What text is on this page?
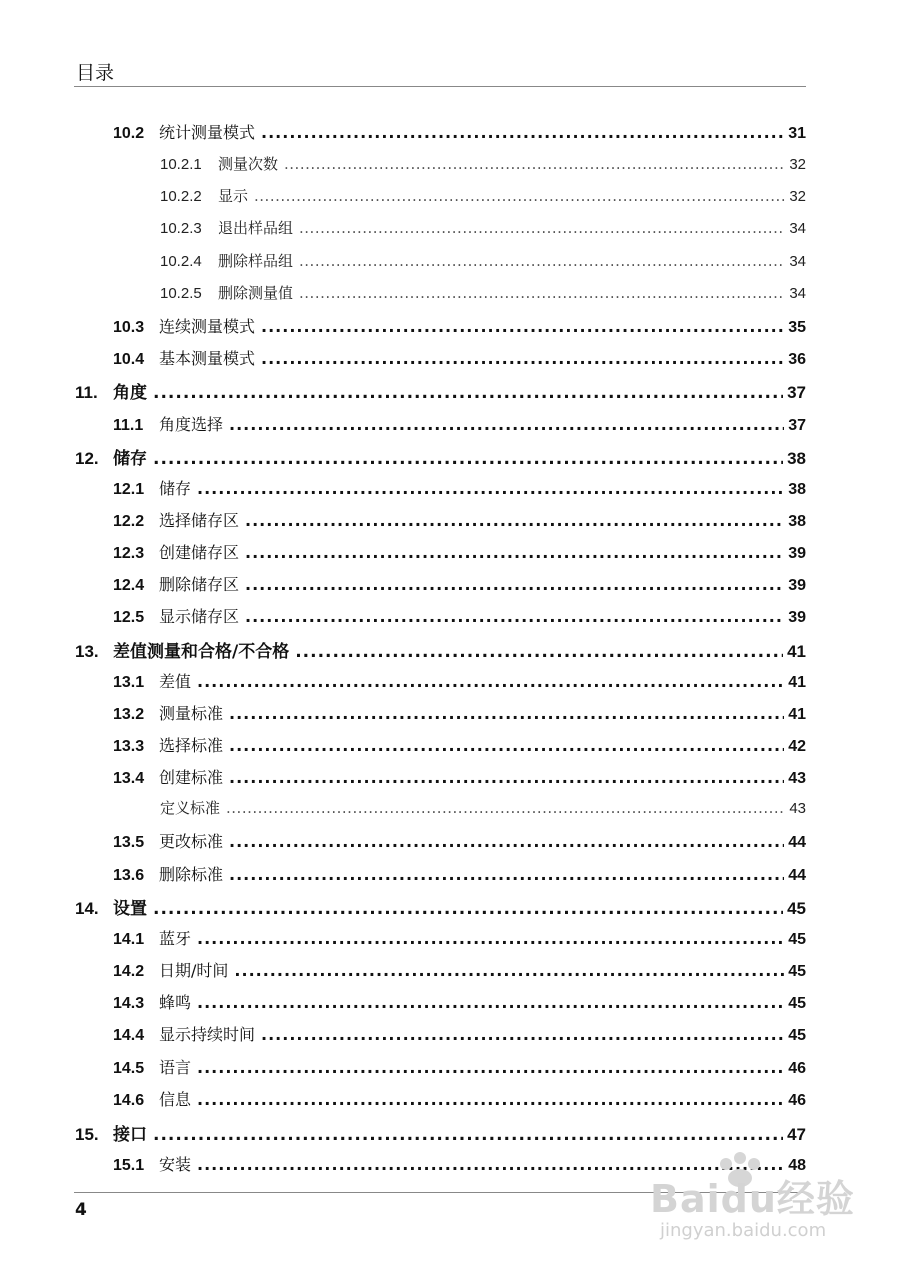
目录
10.2 统计测量模式 .....	31
10.2.1	测量次数 .....	32
10.2.2	显示 .....	32
10.2.3	退出样品组 .....	34
10.2.4	删除样品组 .....	34
10.2.5	删除测量值 .....	34
10.3 连续测量模式 .....	35
10.4 基本测量模式 .....	36
11. 角度 .....	37
11.1 角度选择 .....	37
12. 储存 .....	38
12.1 储存 .....	38
12.2 选择储存区 .....	38
12.3 创建储存区 .....	39
12.4 删除储存区 .....	39
12.5 显示储存区 .....	39
13. 差值测量和合格/不合格 .....	41
13.1 差值 .....	41
13.2 测量标准 .....	41
13.3 选择标准 .....	42
13.4 创建标准 .....	43
定义标准 .....	43
13.5 更改标准 .....	44
13.6 删除标准 .....	44
14. 设置 .....	45
14.1 蓝牙 .....	45
14.2 日期/时间 .....	45
14.3 蜂鸣 .....	45
14.4 显示持续时间 .....	45
14.5 语言 .....	46
14.6 信息 .....	46
15. 接口 .....	47
15.1 安装 .....	48
4	Baidu经验
jingyan.baidu.com
